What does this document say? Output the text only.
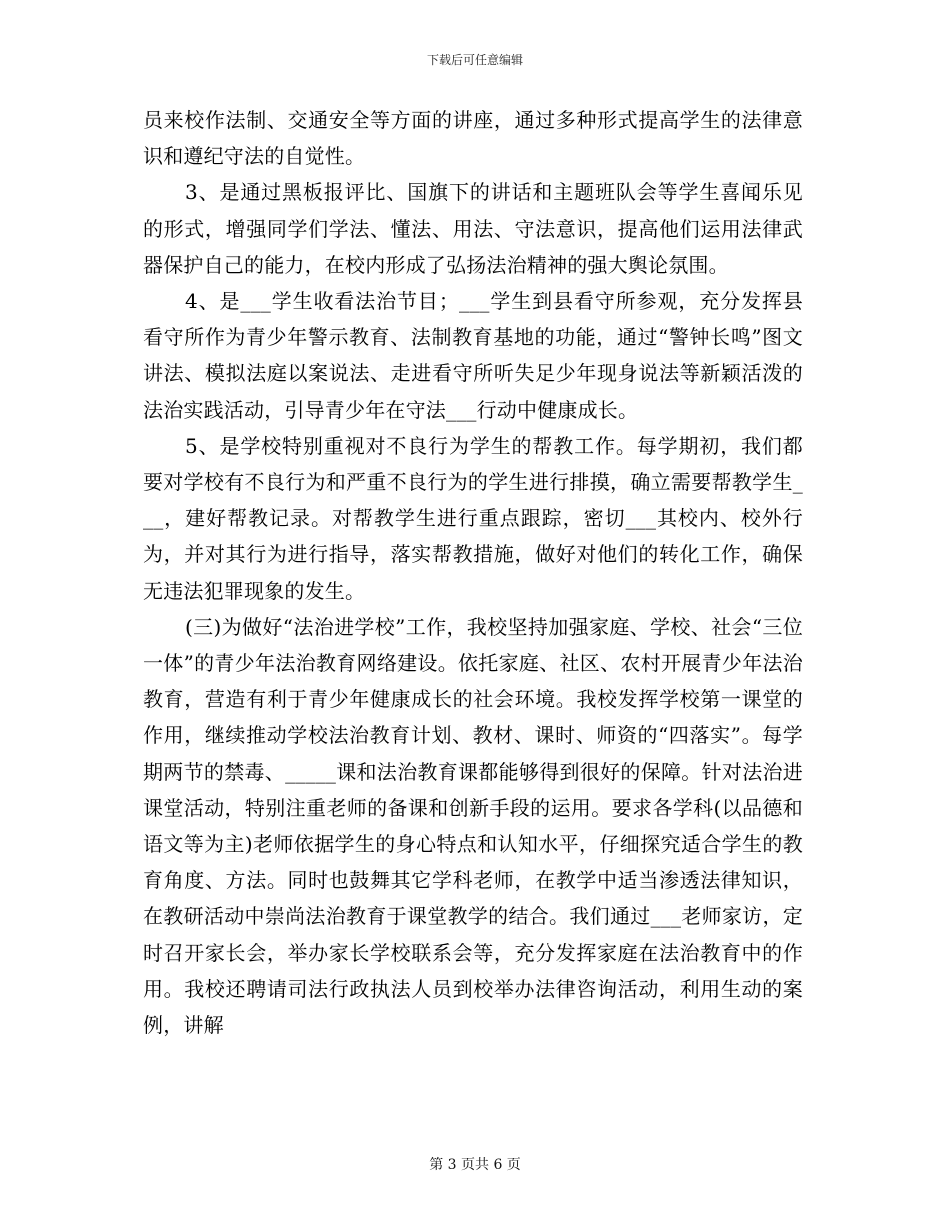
下载后可任意编辑

员来校作法制、交通安全等方面的讲座，通过多种形式提高学生的法律意识和遵纪守法的自觉性。

3、是通过黑板报评比、国旗下的讲话和主题班队会等学生喜闻乐见的形式，增强同学们学法、懂法、用法、守法意识，提高他们运用法律武器保护自己的能力，在校内形成了弘扬法治精神的强大舆论氛围。

4、是___学生收看法治节目；___学生到县看守所参观，充分发挥县看守所作为青少年警示教育、法制教育基地的功能，通过“警钟长鸣”图文讲法、模拟法庭以案说法、走进看守所听失足少年现身说法等新颖活泼的法治实践活动，引导青少年在守法___行动中健康成长。

5、是学校特别重视对不良行为学生的帮教工作。每学期初，我们都要对学校有不良行为和严重不良行为的学生进行排摸，确立需要帮教学生___，建好帮教记录。对帮教学生进行重点跟踪，密切___其校内、校外行为，并对其行为进行指导，落实帮教措施，做好对他们的转化工作，确保无违法犯罪现象的发生。

(三)为做好“法治进学校”工作，我校坚持加强家庭、学校、社会“三位一体”的青少年法治教育网络建设。依托家庭、社区、农村开展青少年法治教育，营造有利于青少年健康成长的社会环境。我校发挥学校第一课堂的作用，继续推动学校法治教育计划、教材、课时、师资的“四落实”。每学期两节的禁毒、_____课和法治教育课都能够得到很好的保障。针对法治进课堂活动，特别注重老师的备课和创新手段的运用。要求各学科(以品德和语文等为主)老师依据学生的身心特点和认知水平，仔细探究适合学生的教育角度、方法。同时也鼓舞其它学科老师，在教学中适当渗透法律知识，在教研活动中崇尚法治教育于课堂教学的结合。我们通过___老师家访，定时召开家长会，举办家长学校联系会等，充分发挥家庭在法治教育中的作用。我校还聘请司法行政执法人员到校举办法律咨询活动，利用生动的案例，讲解

第 3 页共 6 页
